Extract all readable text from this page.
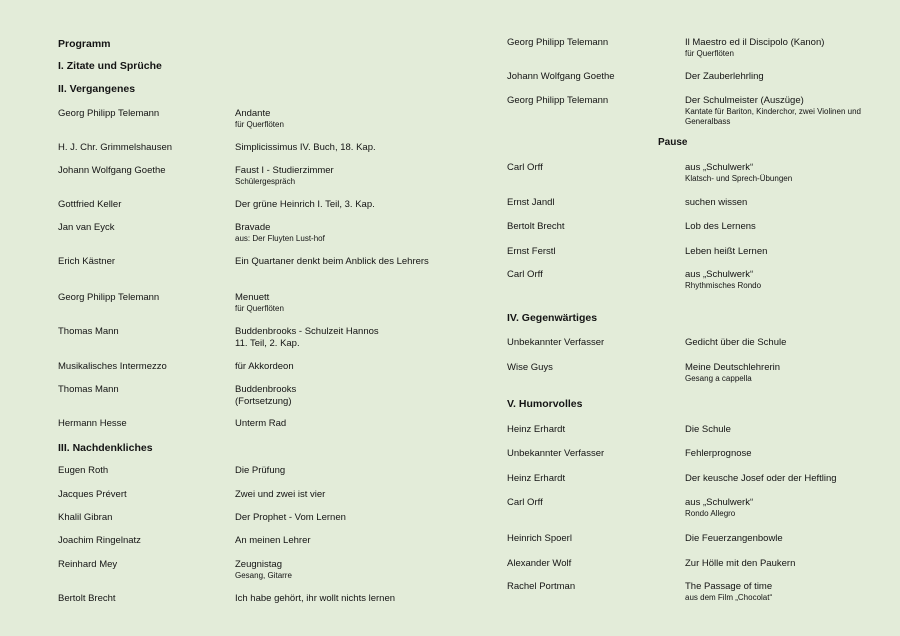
Programm
I. Zitate und Sprüche
II. Vergangenes
Georg Philipp Telemann	Andante
für Querflöten
H. J. Chr. Grimmelshausen	Simplicissimus IV. Buch, 18. Kap.
Johann Wolfgang Goethe	Faust I - Studierzimmer
Schülergespräch
Gottfried Keller	Der grüne Heinrich I. Teil, 3. Kap.
Jan van Eyck	Bravade
aus: Der Fluyten Lust-hof
Erich Kästner	Ein Quartaner denkt beim Anblick des Lehrers
Georg Philipp Telemann	Menuett
für Querflöten
Thomas Mann	Buddenbrooks - Schulzeit Hannos
11. Teil, 2. Kap.
Musikalisches Intermezzo	für Akkordeon
Thomas Mann	Buddenbrooks
(Fortsetzung)
Hermann Hesse	Unterm Rad
III. Nachdenkliches
Eugen Roth	Die Prüfung
Jacques Prévert	Zwei und zwei ist vier
Khalil Gibran	Der Prophet - Vom Lernen
Joachim Ringelnatz	An meinen Lehrer
Reinhard Mey	Zeugnistag
Gesang, Gitarre
Bertolt Brecht	Ich habe gehört, ihr wollt nichts lernen
Georg Philipp Telemann	Il Maestro ed il Discipolo (Kanon)
für Querflöten
Johann Wolfgang Goethe	Der Zauberlehrling
Georg Philipp Telemann	Der Schulmeister (Auszüge)
Kantate für Bariton, Kinderchor, zwei Violinen und Generalbass
Pause
Carl Orff	aus „Schulwerk“
Klatsch- und Sprech-Übungen
Ernst Jandl	suchen wissen
Bertolt Brecht	Lob des Lernens
Ernst Ferstl	Leben heißt Lernen
Carl Orff	aus „Schulwerk“
Rhythmisches Rondo
IV. Gegenwärtiges
Unbekannter Verfasser	Gedicht über die Schule
Wise Guys	Meine Deutschlehrerin
Gesang a cappella
V. Humorvolles
Heinz Erhardt	Die Schule
Unbekannter Verfasser	Fehlerprognose
Heinz Erhardt	Der keusche Josef oder der Heftling
Carl Orff	aus „Schulwerk“
Rondo Allegro
Heinrich Spoerl	Die Feuerzangenbowle
Alexander Wolf	Zur Hölle mit den Paukern
Rachel Portman	The Passage of time
aus dem Film „Chocolat“
